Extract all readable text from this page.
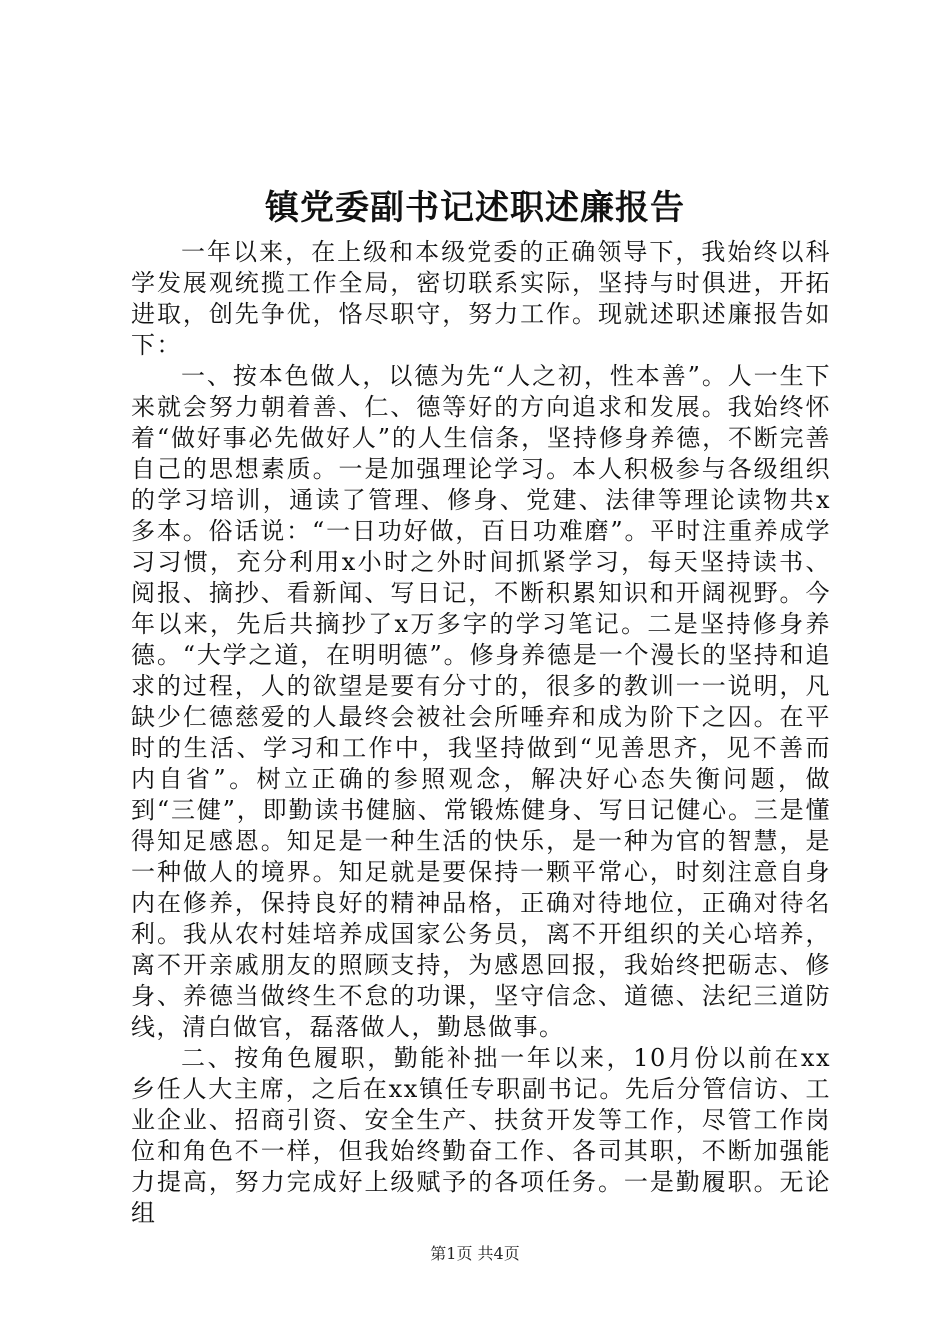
镇党委副书记述职述廉报告

一年以来，在上级和本级党委的正确领导下，我始终以科学发展观统揽工作全局，密切联系实际，坚持与时俱进，开拓进取，创先争优，恪尽职守，努力工作。现就述职述廉报告如下：

一、按本色做人，以德为先“人之初，性本善”。人一生下来就会努力朝着善、仁、德等好的方向追求和发展。我始终怀着“做好事必先做好人”的人生信条，坚持修身养德，不断完善自己的思想素质。一是加强理论学习。本人积极参与各级组织的学习培训，通读了管理、修身、党建、法律等理论读物共x多本。俗话说：“一日功好做，百日功难磨”。平时注重养成学习习惯，充分利用x小时之外时间抓紧学习，每天坚持读书、阅报、摘抄、看新闻、写日记，不断积累知识和开阔视野。今年以来，先后共摘抄了x万多字的学习笔记。二是坚持修身养德。“大学之道，在明明德”。修身养德是一个漫长的坚持和追求的过程，人的欲望是要有分寸的，很多的教训一一说明，凡缺少仁德慈爱的人最终会被社会所唾弃和成为阶下之囚。在平时的生活、学习和工作中，我坚持做到“见善思齐，见不善而内自省”。树立正确的参照观念，解决好心态失衡问题，做到“三健”，即勤读书健脑、常锻炼健身、写日记健心。三是懂得知足感恩。知足是一种生活的快乐，是一种为官的智慧，是一种做人的境界。知足就是要保持一颗平常心，时刻注意自身内在修养，保持良好的精神品格，正确对待地位，正确对待名利。我从农村娃培养成国家公务员，离不开组织的关心培养，离不开亲戚朋友的照顾支持，为感恩回报，我始终把砺志、修身、养德当做终生不怠的功课，坚守信念、道德、法纪三道防线，清白做官，磊落做人，勤恳做事。

二、按角色履职，勤能补拙一年以来，10月份以前在xx乡任人大主席，之后在xx镇任专职副书记。先后分管信访、工业企业、招商引资、安全生产、扶贫开发等工作，尽管工作岗位和角色不一样，但我始终勤奋工作、各司其职，不断加强能力提高，努力完成好上级赋予的各项任务。一是勤履职。无论组

第1页 共4页
